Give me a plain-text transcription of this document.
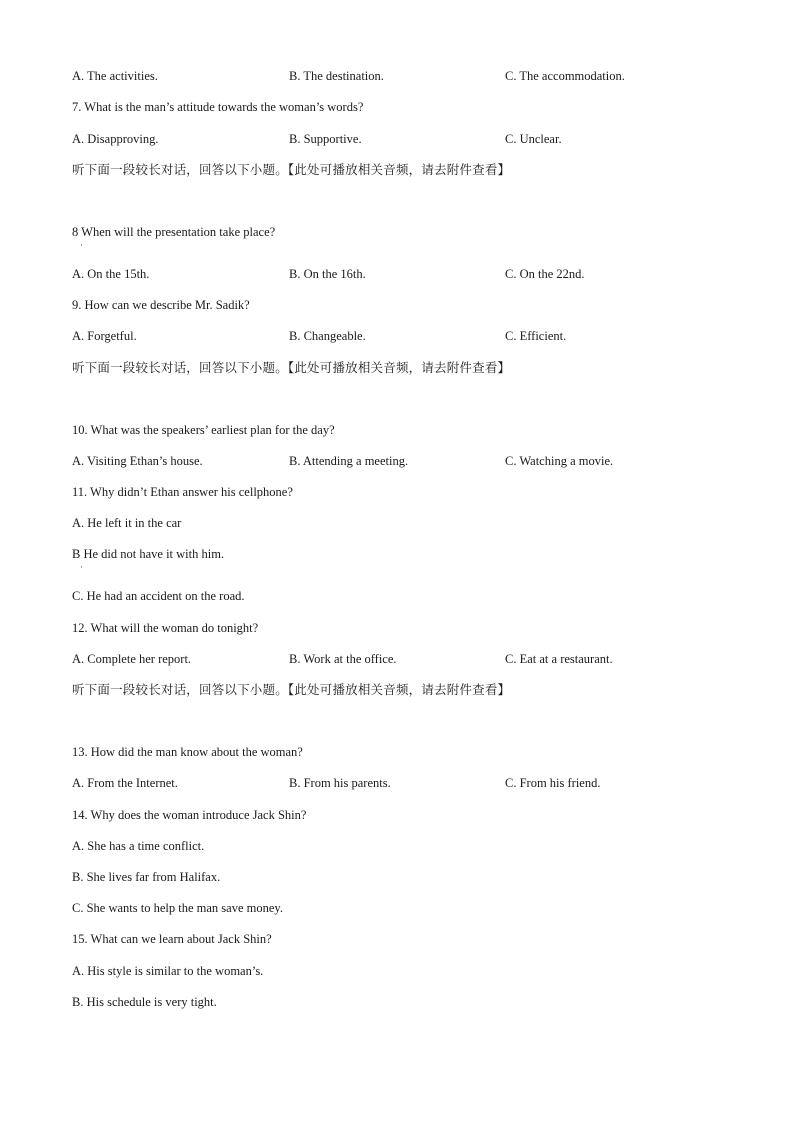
A. The activities.	B. The destination.	C. The accommodation.
7. What is the man’s attitude towards the woman’s words?
A. Disapproving.	B. Supportive.	C. Unclear.
听下面一段较长对话，回答以下小题。【此处可播放相关音频，请去附件查看】
8 When will the presentation take place?
·
A. On the 15th.	B. On the 16th.	C. On the 22nd.
9. How can we describe Mr. Sadik?
A. Forgetful.	B. Changeable.	C. Efficient.
听下面一段较长对话，回答以下小题。【此处可播放相关音频，请去附件查看】
10. What was the speakers’ earliest plan for the day?
A. Visiting Ethan’s house.	B. Attending a meeting.	C. Watching a movie.
11. Why didn’t Ethan answer his cellphone?
A. He left it in the car
B He did not have it with him.
·
C. He had an accident on the road.
12. What will the woman do tonight?
A. Complete her report.	B. Work at the office.	C. Eat at a restaurant.
听下面一段较长对话，回答以下小题。【此处可播放相关音频，请去附件查看】
13. How did the man know about the woman?
A. From the Internet.	B. From his parents.	C. From his friend.
14. Why does the woman introduce Jack Shin?
A. She has a time conflict.
B. She lives far from Halifax.
C. She wants to help the man save money.
15. What can we learn about Jack Shin?
A. His style is similar to the woman’s.
B. His schedule is very tight.
